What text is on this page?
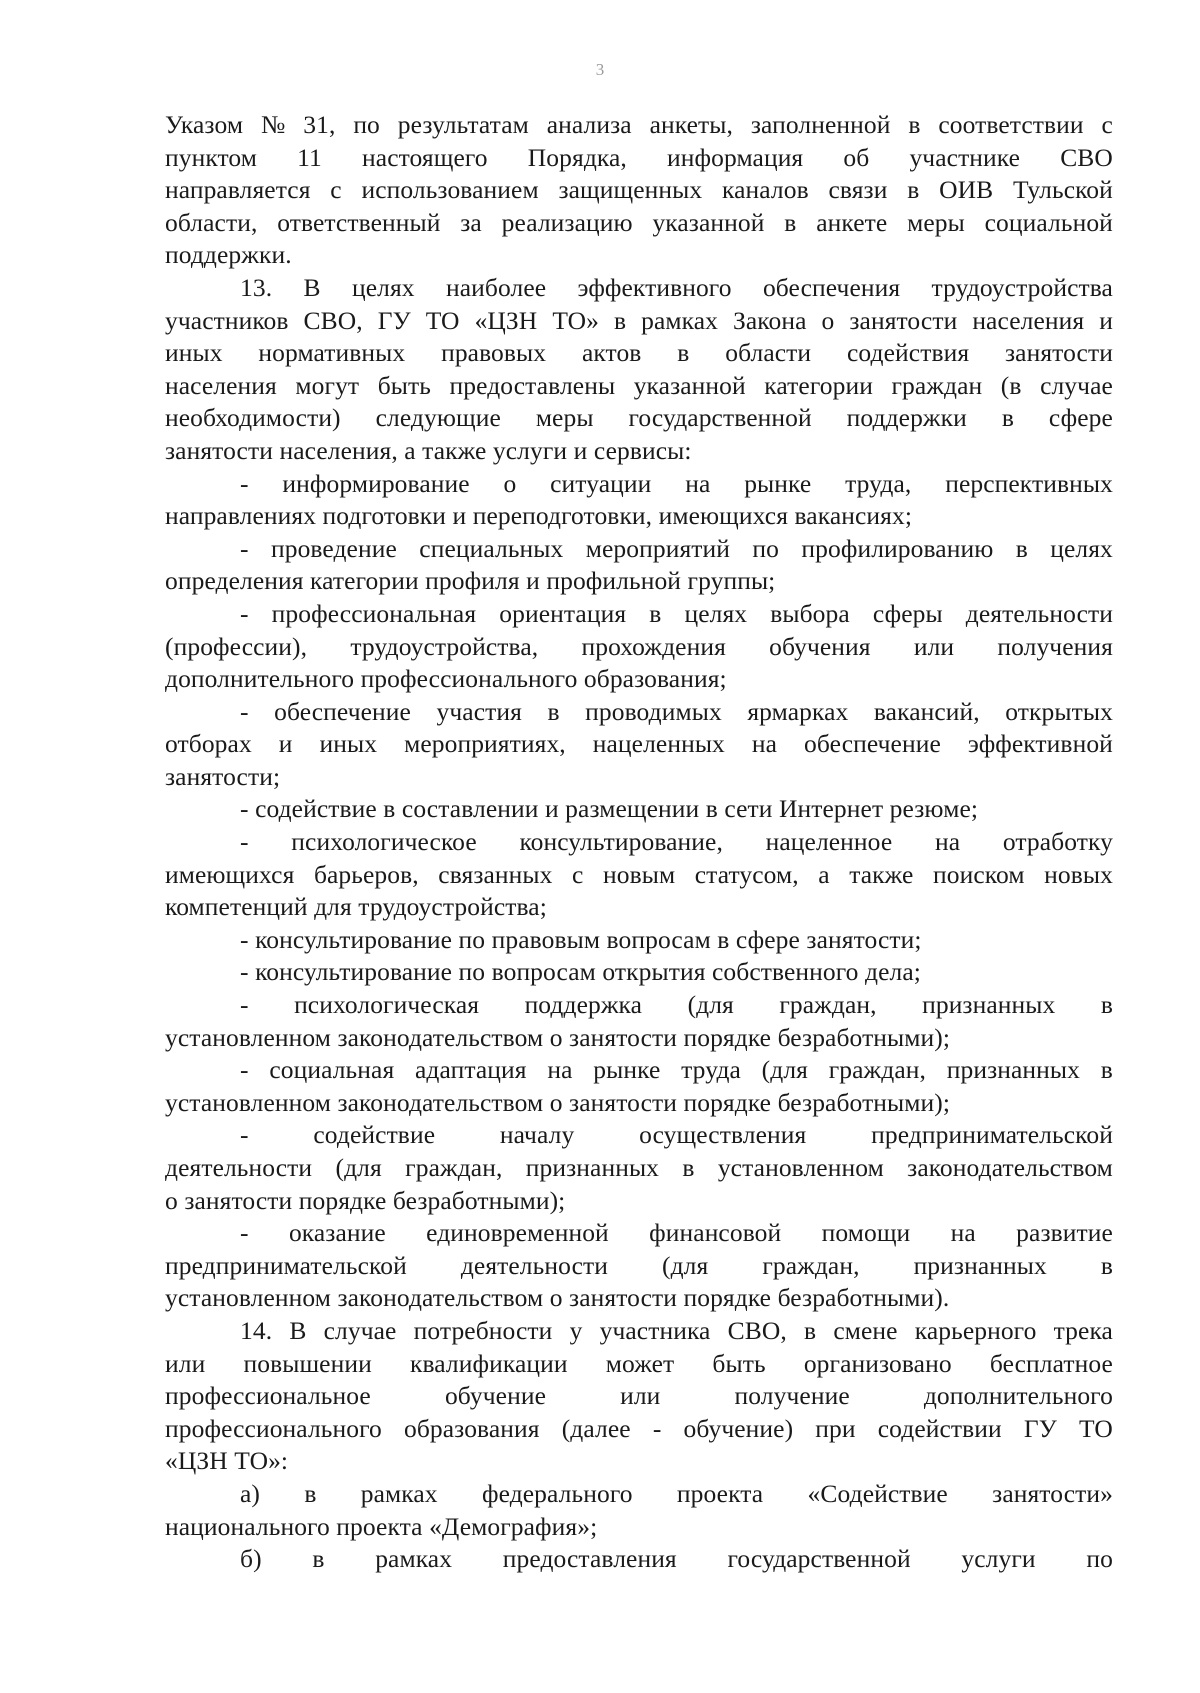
3
Указом № 31, по результатам анализа анкеты, заполненной в соответствии с
пунктом 11 настоящего Порядка, информация об участнике СВО
направляется с использованием защищенных каналов связи в ОИВ Тульской
области, ответственный за реализацию указанной в анкете меры социальной
поддержки.
13. В целях наиболее эффективного обеспечения трудоустройства
участников СВО, ГУ ТО «ЦЗН ТО» в рамках Закона о занятости населения и
иных нормативных правовых актов в области содействия занятости
населения могут быть предоставлены указанной категории граждан (в случае
необходимости) следующие меры государственной поддержки в сфере
занятости населения, а также услуги и сервисы:
- информирование о ситуации на рынке труда, перспективных
направлениях подготовки и переподготовки, имеющихся вакансиях;
- проведение специальных мероприятий по профилированию в целях
определения категории профиля и профильной группы;
- профессиональная ориентация в целях выбора сферы деятельности
(профессии), трудоустройства, прохождения обучения или получения
дополнительного профессионального образования;
- обеспечение участия в проводимых ярмарках вакансий, открытых
отборах и иных мероприятиях, нацеленных на обеспечение эффективной
занятости;
- содействие в составлении и размещении в сети Интернет резюме;
- психологическое консультирование, нацеленное на отработку
имеющихся барьеров, связанных с новым статусом, а также поиском новых
компетенций для трудоустройства;
- консультирование по правовым вопросам в сфере занятости;
- консультирование по вопросам открытия собственного дела;
- психологическая поддержка (для граждан, признанных в
установленном законодательством о занятости порядке безработными);
- социальная адаптация на рынке труда (для граждан, признанных в
установленном законодательством о занятости порядке безработными);
-	содействие	началу	осуществления	предпринимательской
деятельности (для граждан, признанных в установленном законодательством
о занятости порядке безработными);
- оказание единовременной финансовой помощи на развитие
предпринимательской деятельности (для граждан, признанных в
установленном законодательством о занятости порядке безработными).
14. В случае потребности у участника СВО, в смене карьерного трека
или повышении квалификации может быть организовано бесплатное
профессиональное	обучение	или	получение	дополнительного
профессионального образования (далее - обучение) при содействии ГУ ТО
«ЦЗН ТО»:
а) в рамках федерального проекта «Содействие занятости»
национального проекта «Демография»;
б) в рамках предоставления государственной услуги по
